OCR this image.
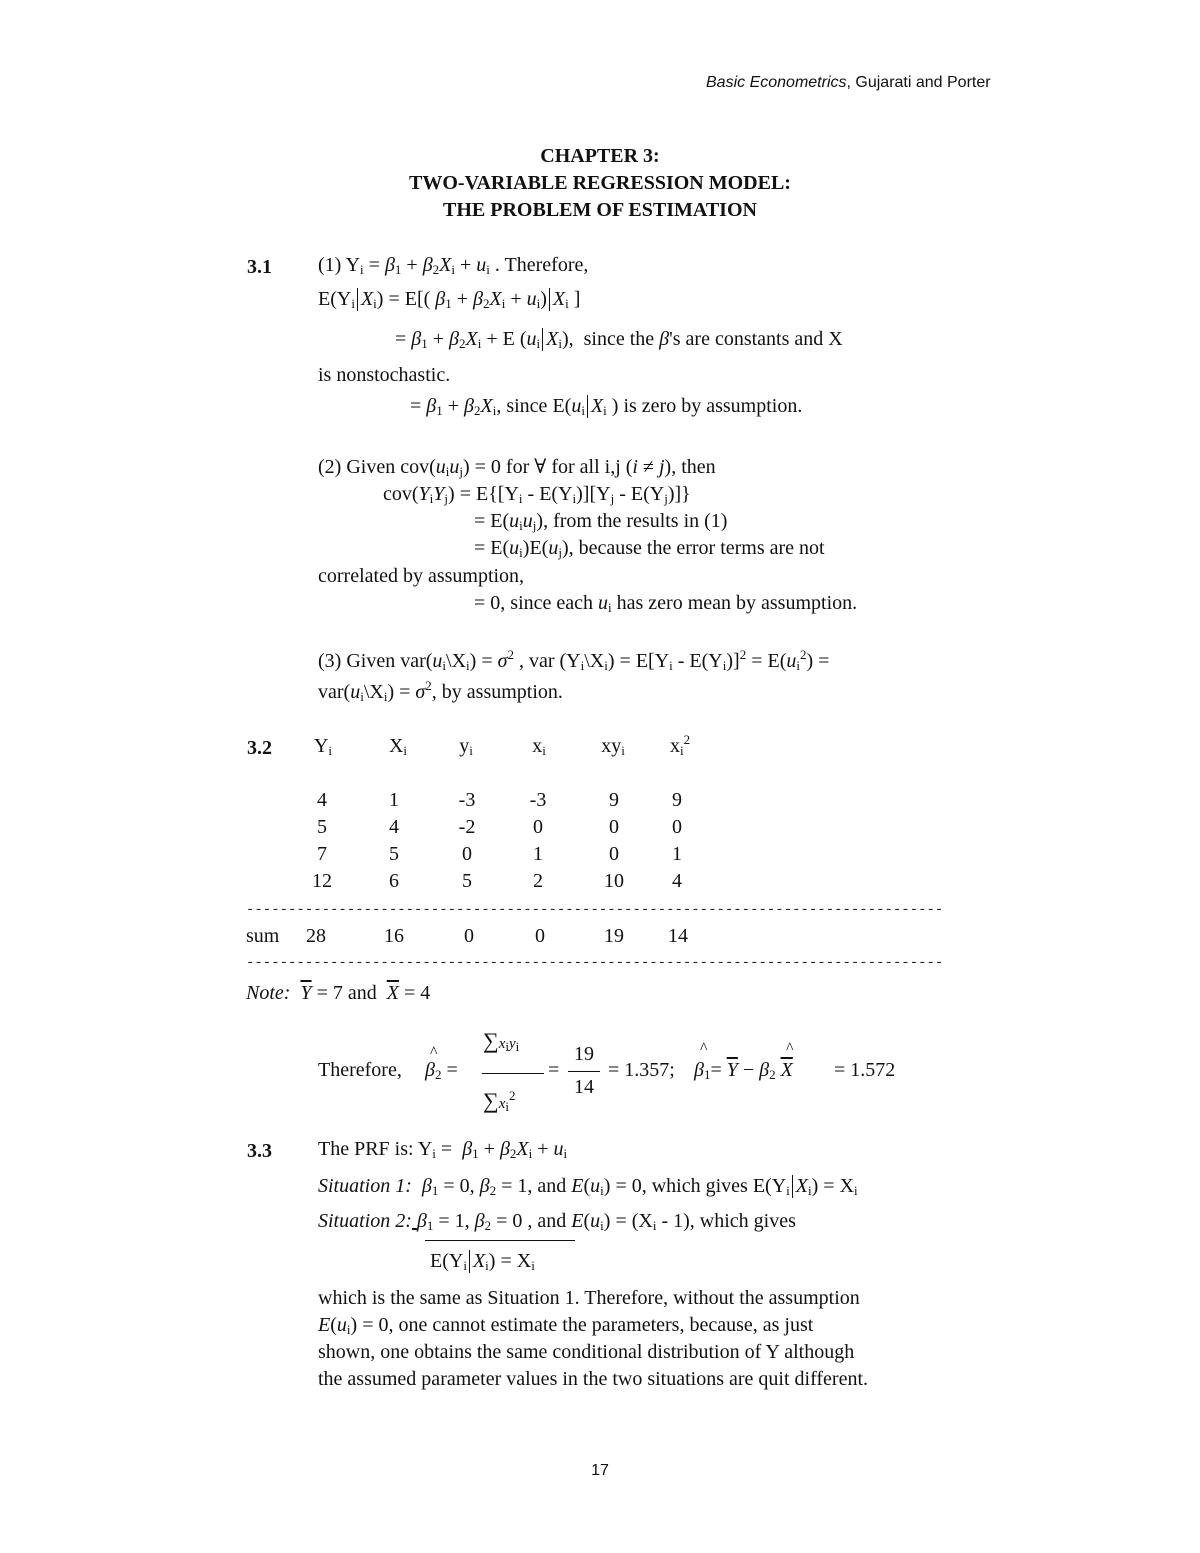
Basic Econometrics, Gujarati and Porter
CHAPTER 3:
TWO-VARIABLE REGRESSION MODEL:
THE PROBLEM OF ESTIMATION
3.1 (1) $Y_i = \beta_1 + \beta_2X_i + u_i$ . Therefore,
$E(Y_i$ $X_i) = E$[( $\beta_1 + \beta_2X_i + u_i$) $X_i$ ]
= $\beta_1 + \beta_2X_i + E$ ($u_i$ $X_i$),  since the β's are constants and X
is nonstochastic.
= $\beta_1 + \beta_2X_i$, since $E(u_i$ $X_i$ ) is zero by assumption.
(2) Given $cov(u_iu_j) = 0$ for ∀ for all i,j (i ≠ j), then
$cov(Y_iY_j) = E\{[Y_i - E(Y_i)][Y_j - E(Y_j)]\}$
= $E(u_iu_j)$, from the results in (1)
= $E(u_i)E(u_j)$, because the error terms are not
correlated by assumption,
= 0, since each $u_i$ has zero mean by assumption.
(3) Given $var(u_i\backslash X_i) = \sigma^2$ , var $(Y_i\backslash X_i) = E[Y_i - E(Y_i)]^2 = E(u_i^2)$ =
$var(u_i\backslash X_i) = \sigma^2$, by assumption.
3.2	$Y_i$	$X_i$	$y_i$	$x_i$	$xy_i$	$x_i^2$
4	1	-3	-3	9	9
5	4	-2	0	0	0
7	5	0	1	0	1
12	6	5	2	10	4
-----------------------------------------------------------------------------------
sum	28	16	0	0	19	14
-----------------------------------------------------------------------------------
Note: $\overline{Y} = 7$ and $\overline{X} = 4$
Therefore,
^
$\beta_2$ =
$\sum x_iy_i$
$\sum x_i^2$
=
19
14
= 1.357;
^
$\beta_1= \overline{Y} - \beta_2$ $\overline{X}$
^
= 1.572
3.3 The PRF is: $Y_i = \beta_1 + \beta_2X_i + u_i$
Situation 1: $\beta_1 = 0$, $\beta_2 = 1$, and $E(u_i) = 0$, which gives $E(Y_i$ $X_i) = X_i$
Situation 2: $\beta_1 = 1$, $\beta_2 = 0$ , and $E(u_i) = (X_i - 1)$, which gives
$E(Y_i$ $X_i) = X_i$
which is the same as Situation 1. Therefore, without the assumption
$E(u_i) = 0$, one cannot estimate the parameters, because, as just
shown, one obtains the same conditional distribution of Y although
the assumed parameter values in the two situations are quit different.
17
